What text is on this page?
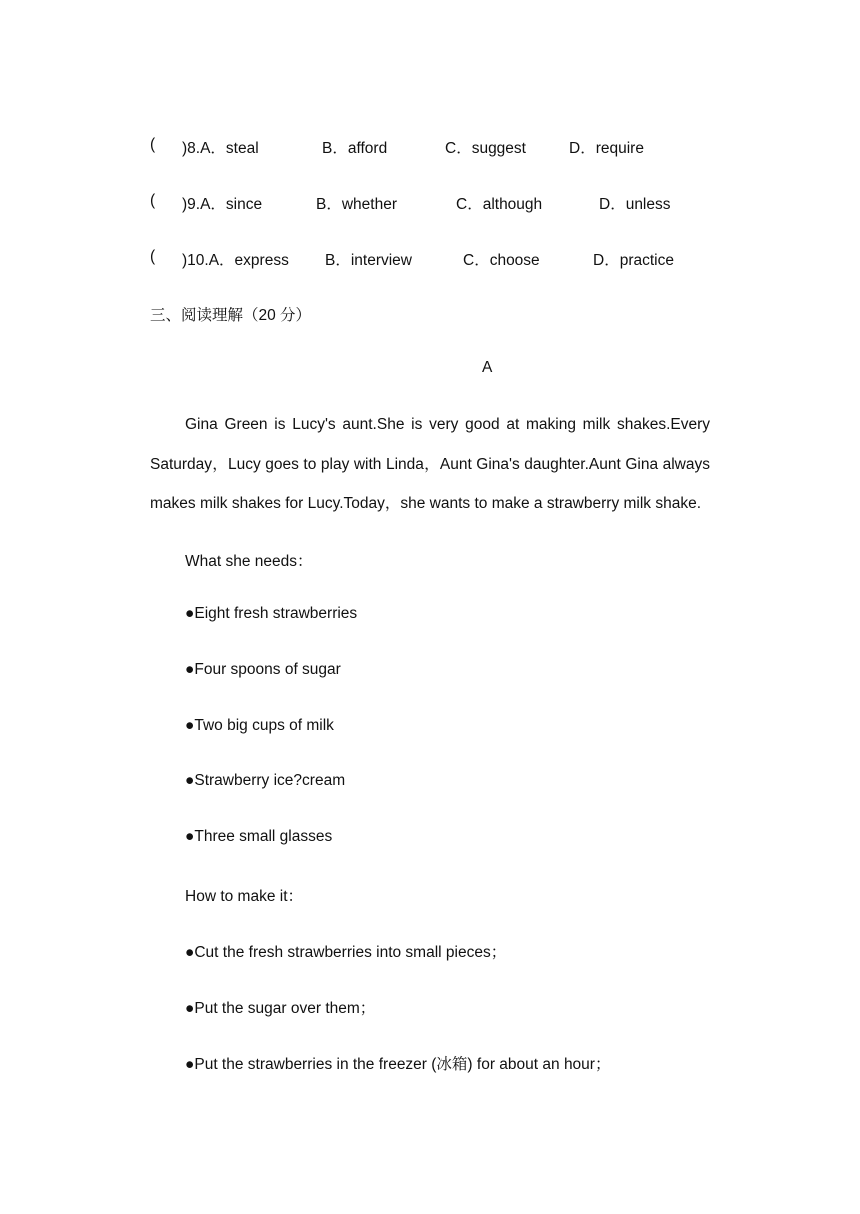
( )8.A．steal	B．afford	C．suggest	D．require
( )9.A．since	B．whether	C．although	D．unless
( )10.A．express B．interview	C．choose	D．practice
三、阅读理解（20 分）
A
Gina Green is Lucy's aunt.She is very good at making milk shakes.Every Saturday，Lucy goes to play with Linda，Aunt Gina's daughter.Aunt Gina always makes milk shakes for Lucy.Today，she wants to make a strawberry milk shake.
What she needs：
●Eight fresh strawberries
●Four spoons of sugar
●Two big cups of milk
●Strawberry ice?cream
●Three small glasses
How to make it：
●Cut the fresh strawberries into small pieces；
●Put the sugar over them；
●Put the strawberries in the freezer (冰箱) for about an hour；
